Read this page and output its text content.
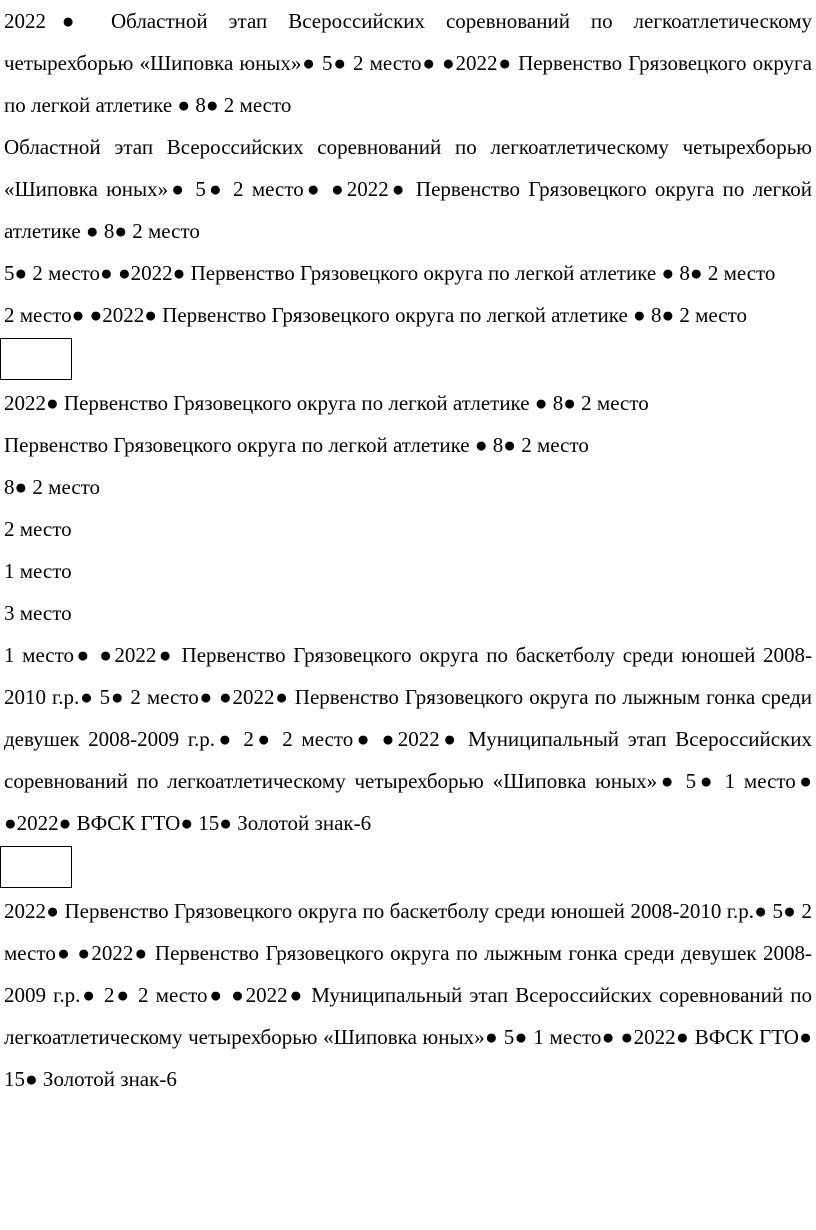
2022● Областной этап Всероссийских соревнований по легкоатлетическому четырехборью «Шиповка юных»● 5● 2 место● ●2022● Первенство Грязовецкого округа по легкой атлетике ● 8● 2 место

Областной этап Всероссийских соревнований по легкоатлетическому четырехборью «Шиповка юных»● 5● 2 место● ●2022● Первенство Грязовецкого округа по легкой атлетике ● 8● 2 место

5● 2 место● ●2022● Первенство Грязовецкого округа по легкой атлетике ● 8● 2 место

2 место● ●2022● Первенство Грязовецкого округа по легкой атлетике ● 8● 2 место

2022● Первенство Грязовецкого округа по легкой атлетике ● 8● 2 место

Первенство Грязовецкого округа по легкой атлетике ● 8● 2 место

8● 2 место

2 место

1 место

3 место

1 место● ●2022● Первенство Грязовецкого округа по баскетболу среди юношей 2008-2010 г.р.● 5● 2 место● ●2022● Первенство Грязовецкого округа по лыжным гонка среди девушек 2008-2009 г.р.● 2● 2 место● ●2022● Муниципальный этап Всероссийских соревнований по легкоатлетическому четырехборью «Шиповка юных»● 5● 1 место● ●2022● ВФСК ГТО● 15● Золотой знак-6

2022● Первенство Грязовецкого округа по баскетболу среди юношей 2008-2010 г.р.● 5● 2 место● ●2022● Первенство Грязовецкого округа по лыжным гонка среди девушек 2008-2009 г.р.● 2● 2 место● ●2022● Муниципальный этап Всероссийских соревнований по легкоатлетическому четырехборью «Шиповка юных»● 5● 1 место● ●2022● ВФСК ГТО● 15● Золотой знак-6
